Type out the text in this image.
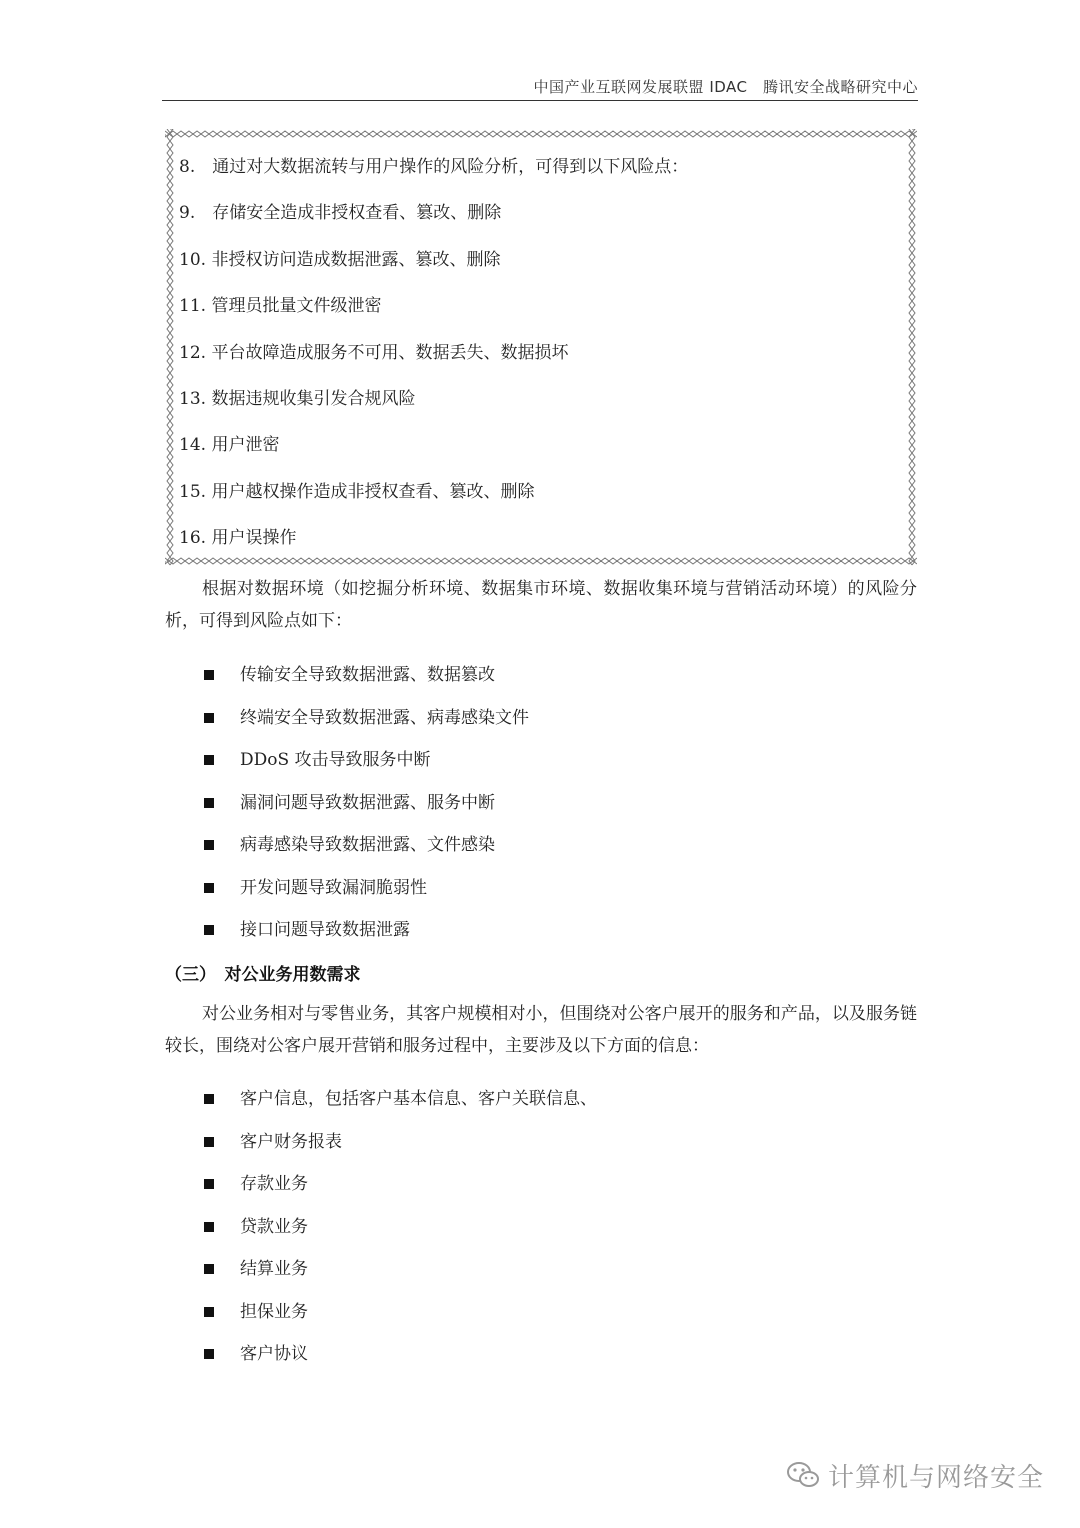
中国产业互联网发展联盟 IDAC　腾讯安全战略研究中心
8.　通过对大数据流转与用户操作的风险分析，可得到以下风险点：
9.　存储安全造成非授权查看、篡改、删除
10. 非授权访问造成数据泄露、篡改、删除
11. 管理员批量文件级泄密
12. 平台故障造成服务不可用、数据丢失、数据损坏
13. 数据违规收集引发合规风险
14. 用户泄密
15. 用户越权操作造成非授权查看、篡改、删除
16. 用户误操作
根据对数据环境（如挖掘分析环境、数据集市环境、数据收集环境与营销活动环境）的风险分析，可得到风险点如下：
传输安全导致数据泄露、数据篡改
终端安全导致数据泄露、病毒感染文件
DDoS 攻击导致服务中断
漏洞问题导致数据泄露、服务中断
病毒感染导致数据泄露、文件感染
开发问题导致漏洞脆弱性
接口问题导致数据泄露
（三）　对公业务用数需求
对公业务相对与零售业务，其客户规模相对小，但围绕对公客户展开的服务和产品，以及服务链较长，围绕对公客户展开营销和服务过程中，主要涉及以下方面的信息：
客户信息，包括客户基本信息、客户关联信息、
客户财务报表
存款业务
贷款业务
结算业务
担保业务
客户协议
计算机与网络安全
